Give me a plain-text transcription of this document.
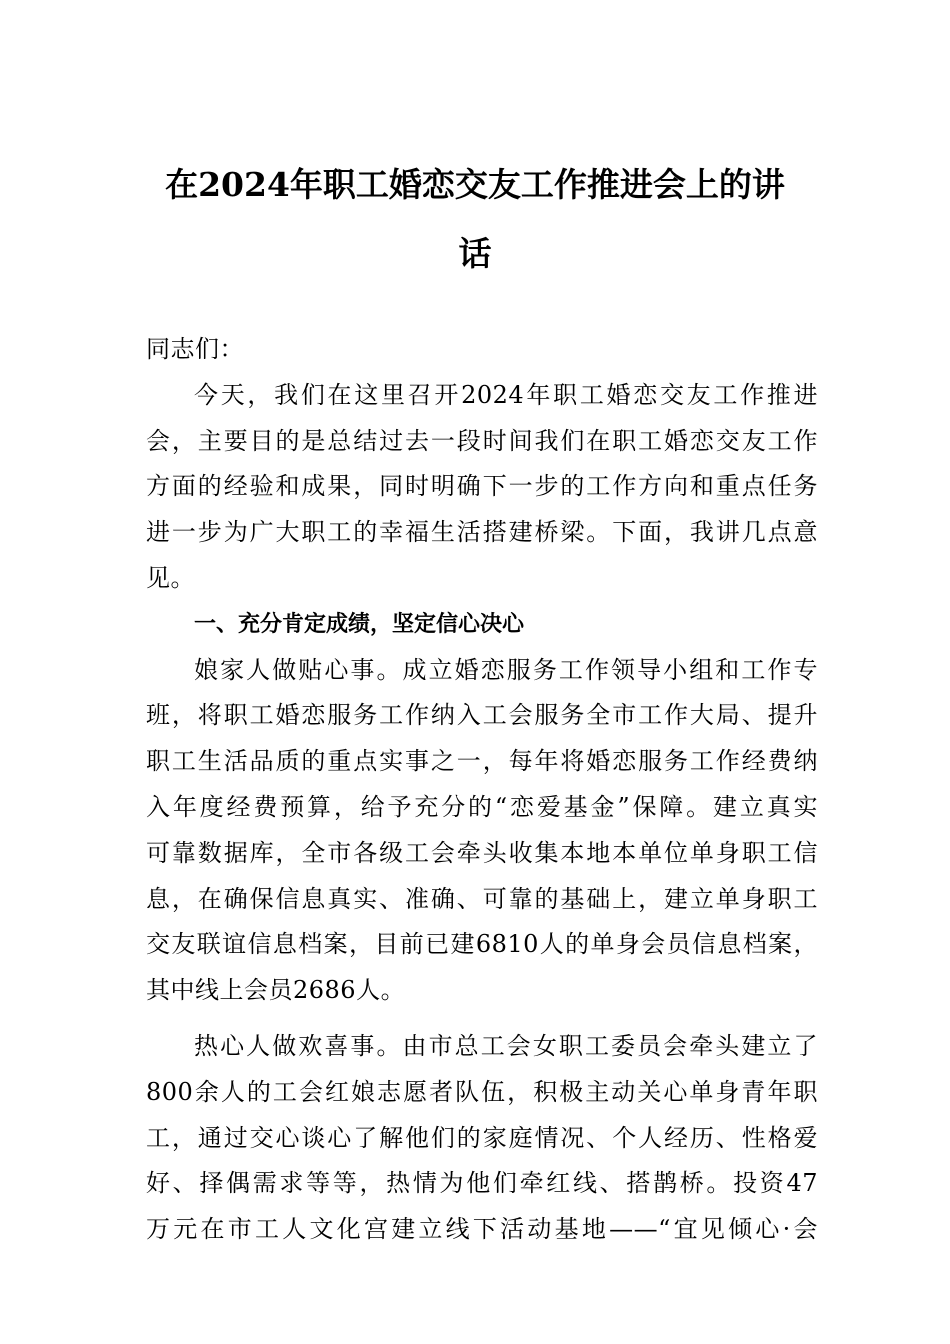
在2024年职工婚恋交友工作推进会上的讲
话
同志们：
今天，我们在这里召开2024年职工婚恋交友工作推进
会，主要目的是总结过去一段时间我们在职工婚恋交友工作
方面的经验和成果，同时明确下一步的工作方向和重点任务
进一步为广大职工的幸福生活搭建桥梁。下面，我讲几点意
见。
一、充分肯定成绩，坚定信心决心
娘家人做贴心事。成立婚恋服务工作领导小组和工作专
班，将职工婚恋服务工作纳入工会服务全市工作大局、提升
职工生活品质的重点实事之一，每年将婚恋服务工作经费纳
入年度经费预算，给予充分的“恋爱基金”保障。建立真实
可靠数据库，全市各级工会牵头收集本地本单位单身职工信
息，在确保信息真实、准确、可靠的基础上，建立单身职工
交友联谊信息档案，目前已建6810人的单身会员信息档案，
其中线上会员2686人。
热心人做欢喜事。由市总工会女职工委员会牵头建立了
800余人的工会红娘志愿者队伍，积极主动关心单身青年职
工，通过交心谈心了解他们的家庭情况、个人经历、性格爱
好、择偶需求等等，热情为他们牵红线、搭鹊桥。投资47
万元在市工人文化宫建立线下活动基地——“宜见倾心·会
